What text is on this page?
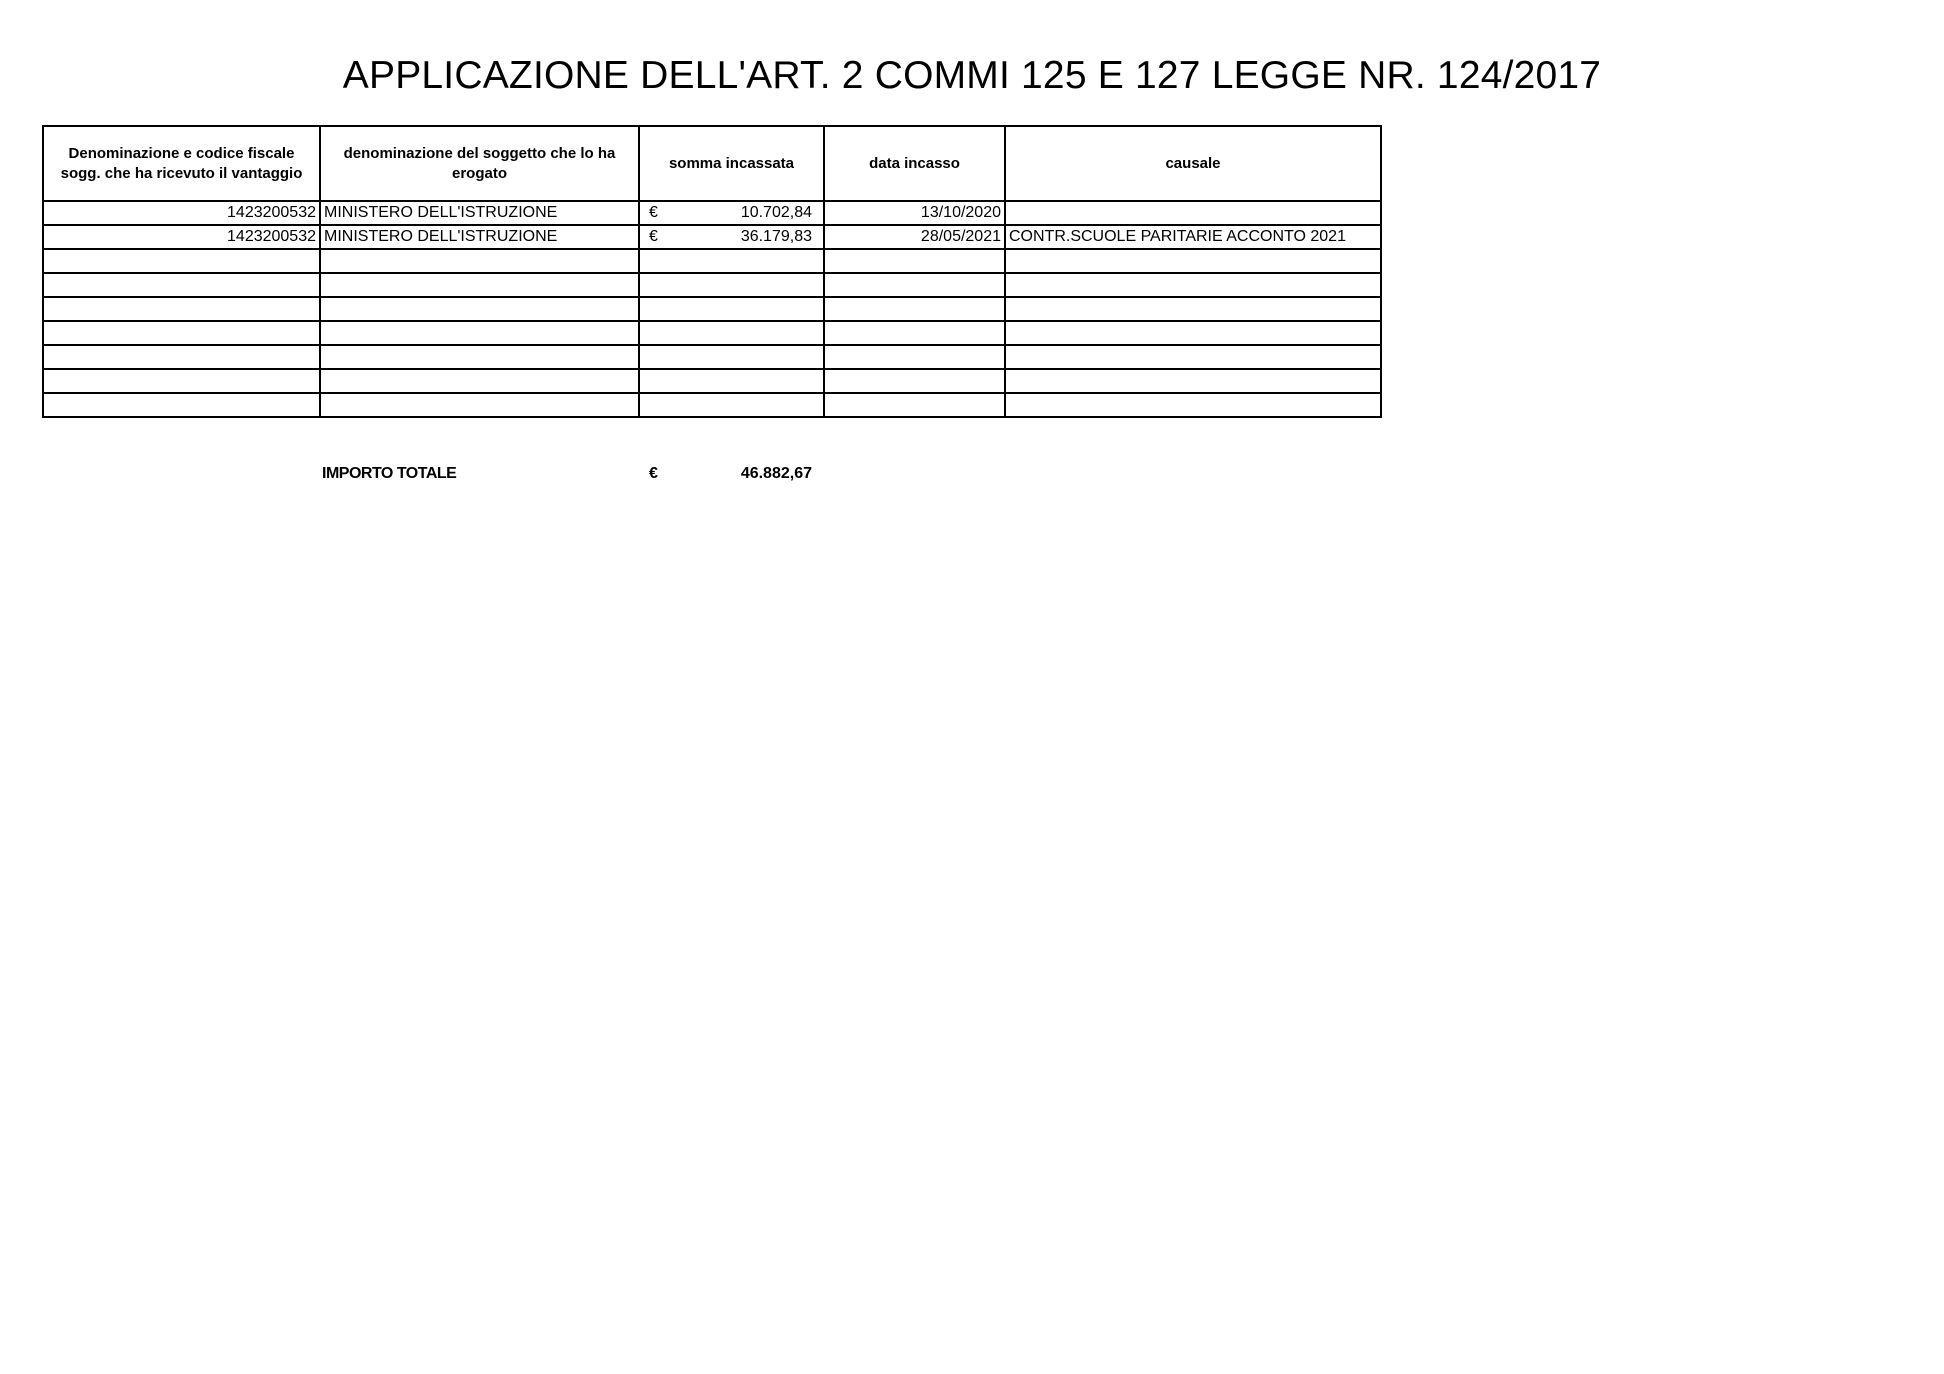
APPLICAZIONE DELL'ART. 2 COMMI 125 E 127 LEGGE NR. 124/2017
Denominazione e codice fiscale sogg. che ha ricevuto il vantaggio	denominazione del soggetto che lo ha erogato	somma incassata	data incasso	causale
1423200532	MINISTERO DELL'ISTRUZIONE	€ 10.702,84	13/10/2020	
1423200532	MINISTERO DELL'ISTRUZIONE	€ 36.179,83	28/05/2021	CONTR.SCUOLE PARITARIE ACCONTO 2021

IMPORTO TOTALE	€	46.882,67
